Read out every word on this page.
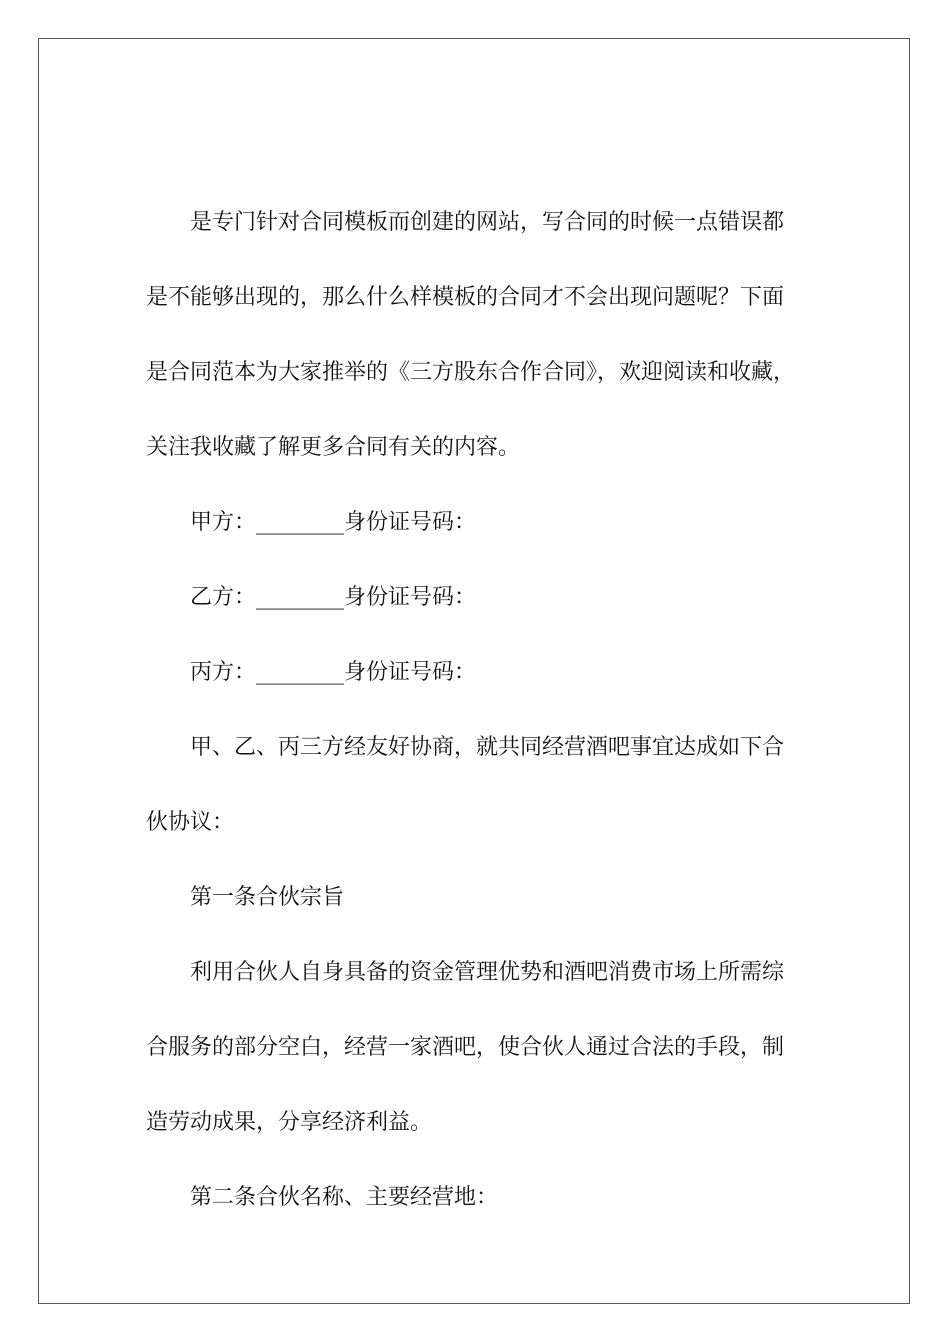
是专门针对合同模板而创建的网站，写合同的时候一点错误都
是不能够出现的，那么什么样模板的合同才不会出现问题呢？下面
是合同范本为大家推举的《三方股东合作合同》，欢迎阅读和收藏，
关注我收藏了解更多合同有关的内容。
甲方：________身份证号码：
乙方：________身份证号码：
丙方：________身份证号码：
甲、乙、丙三方经友好协商，就共同经营酒吧事宜达成如下合
伙协议：
第一条合伙宗旨
利用合伙人自身具备的资金管理优势和酒吧消费市场上所需综
合服务的部分空白，经营一家酒吧，使合伙人通过合法的手段，制
造劳动成果，分享经济利益。
第二条合伙名称、主要经营地：
